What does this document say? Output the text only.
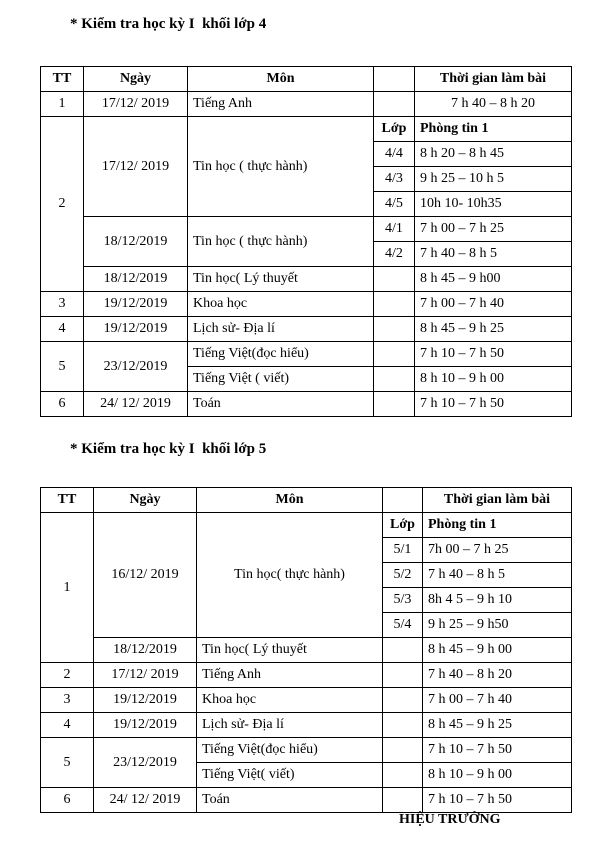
* Kiểm tra học kỳ I  khối lớp 4
TT	Ngày	Môn		Thời gian làm bài
1	17/12/ 2019	Tiếng Anh		7 h 40 – 8 h 20
2	17/12/ 2019	Tin học ( thực hành)	Lớp	Phòng tin 1
			4/4	8 h 20 – 8 h 45
			4/3	9 h 25 – 10 h 5
			4/5	10h 10- 10h35
	18/12/2019	Tin học ( thực hành)	4/1	7 h 00 – 7 h 25
			4/2	7 h 40 – 8 h 5
	18/12/2019	Tin học( Lý thuyết		8 h 45 – 9 h00
3	19/12/2019	Khoa học		7 h 00 – 7 h 40
4	19/12/2019	Lịch sử- Địa lí		8 h 45 – 9 h 25
5	23/12/2019	Tiếng Việt(đọc hiểu)		7 h 10 – 7 h 50
		Tiếng Việt ( viết)		8 h 10 – 9 h 00
6	24/ 12/ 2019	Toán		7 h 10 – 7 h 50
* Kiểm tra học kỳ I  khối lớp 5
TT	Ngày	Môn		Thời gian làm bài
1	16/12/ 2019	Tin học( thực hành)	Lớp	Phòng tin 1
			5/1	7h 00 – 7 h 25
			5/2	7 h 40 – 8 h 5
			5/3	8h 4 5 – 9 h 10
			5/4	9 h 25 – 9 h50
	18/12/2019	Tin học( Lý thuyết		8 h 45 – 9 h 00
2	17/12/ 2019	Tiếng Anh		7 h 40 – 8 h 20
3	19/12/2019	Khoa học		7 h 00 – 7 h 40
4	19/12/2019	Lịch sử- Địa lí		8 h 45 – 9 h 25
5	23/12/2019	Tiếng Việt(đọc hiểu)		7 h 10 – 7 h 50
		Tiếng Việt( viết)		8 h 10 – 9 h 00
6	24/ 12/ 2019	Toán		7 h 10 – 7 h 50
HIỆU TRƯỞNG
